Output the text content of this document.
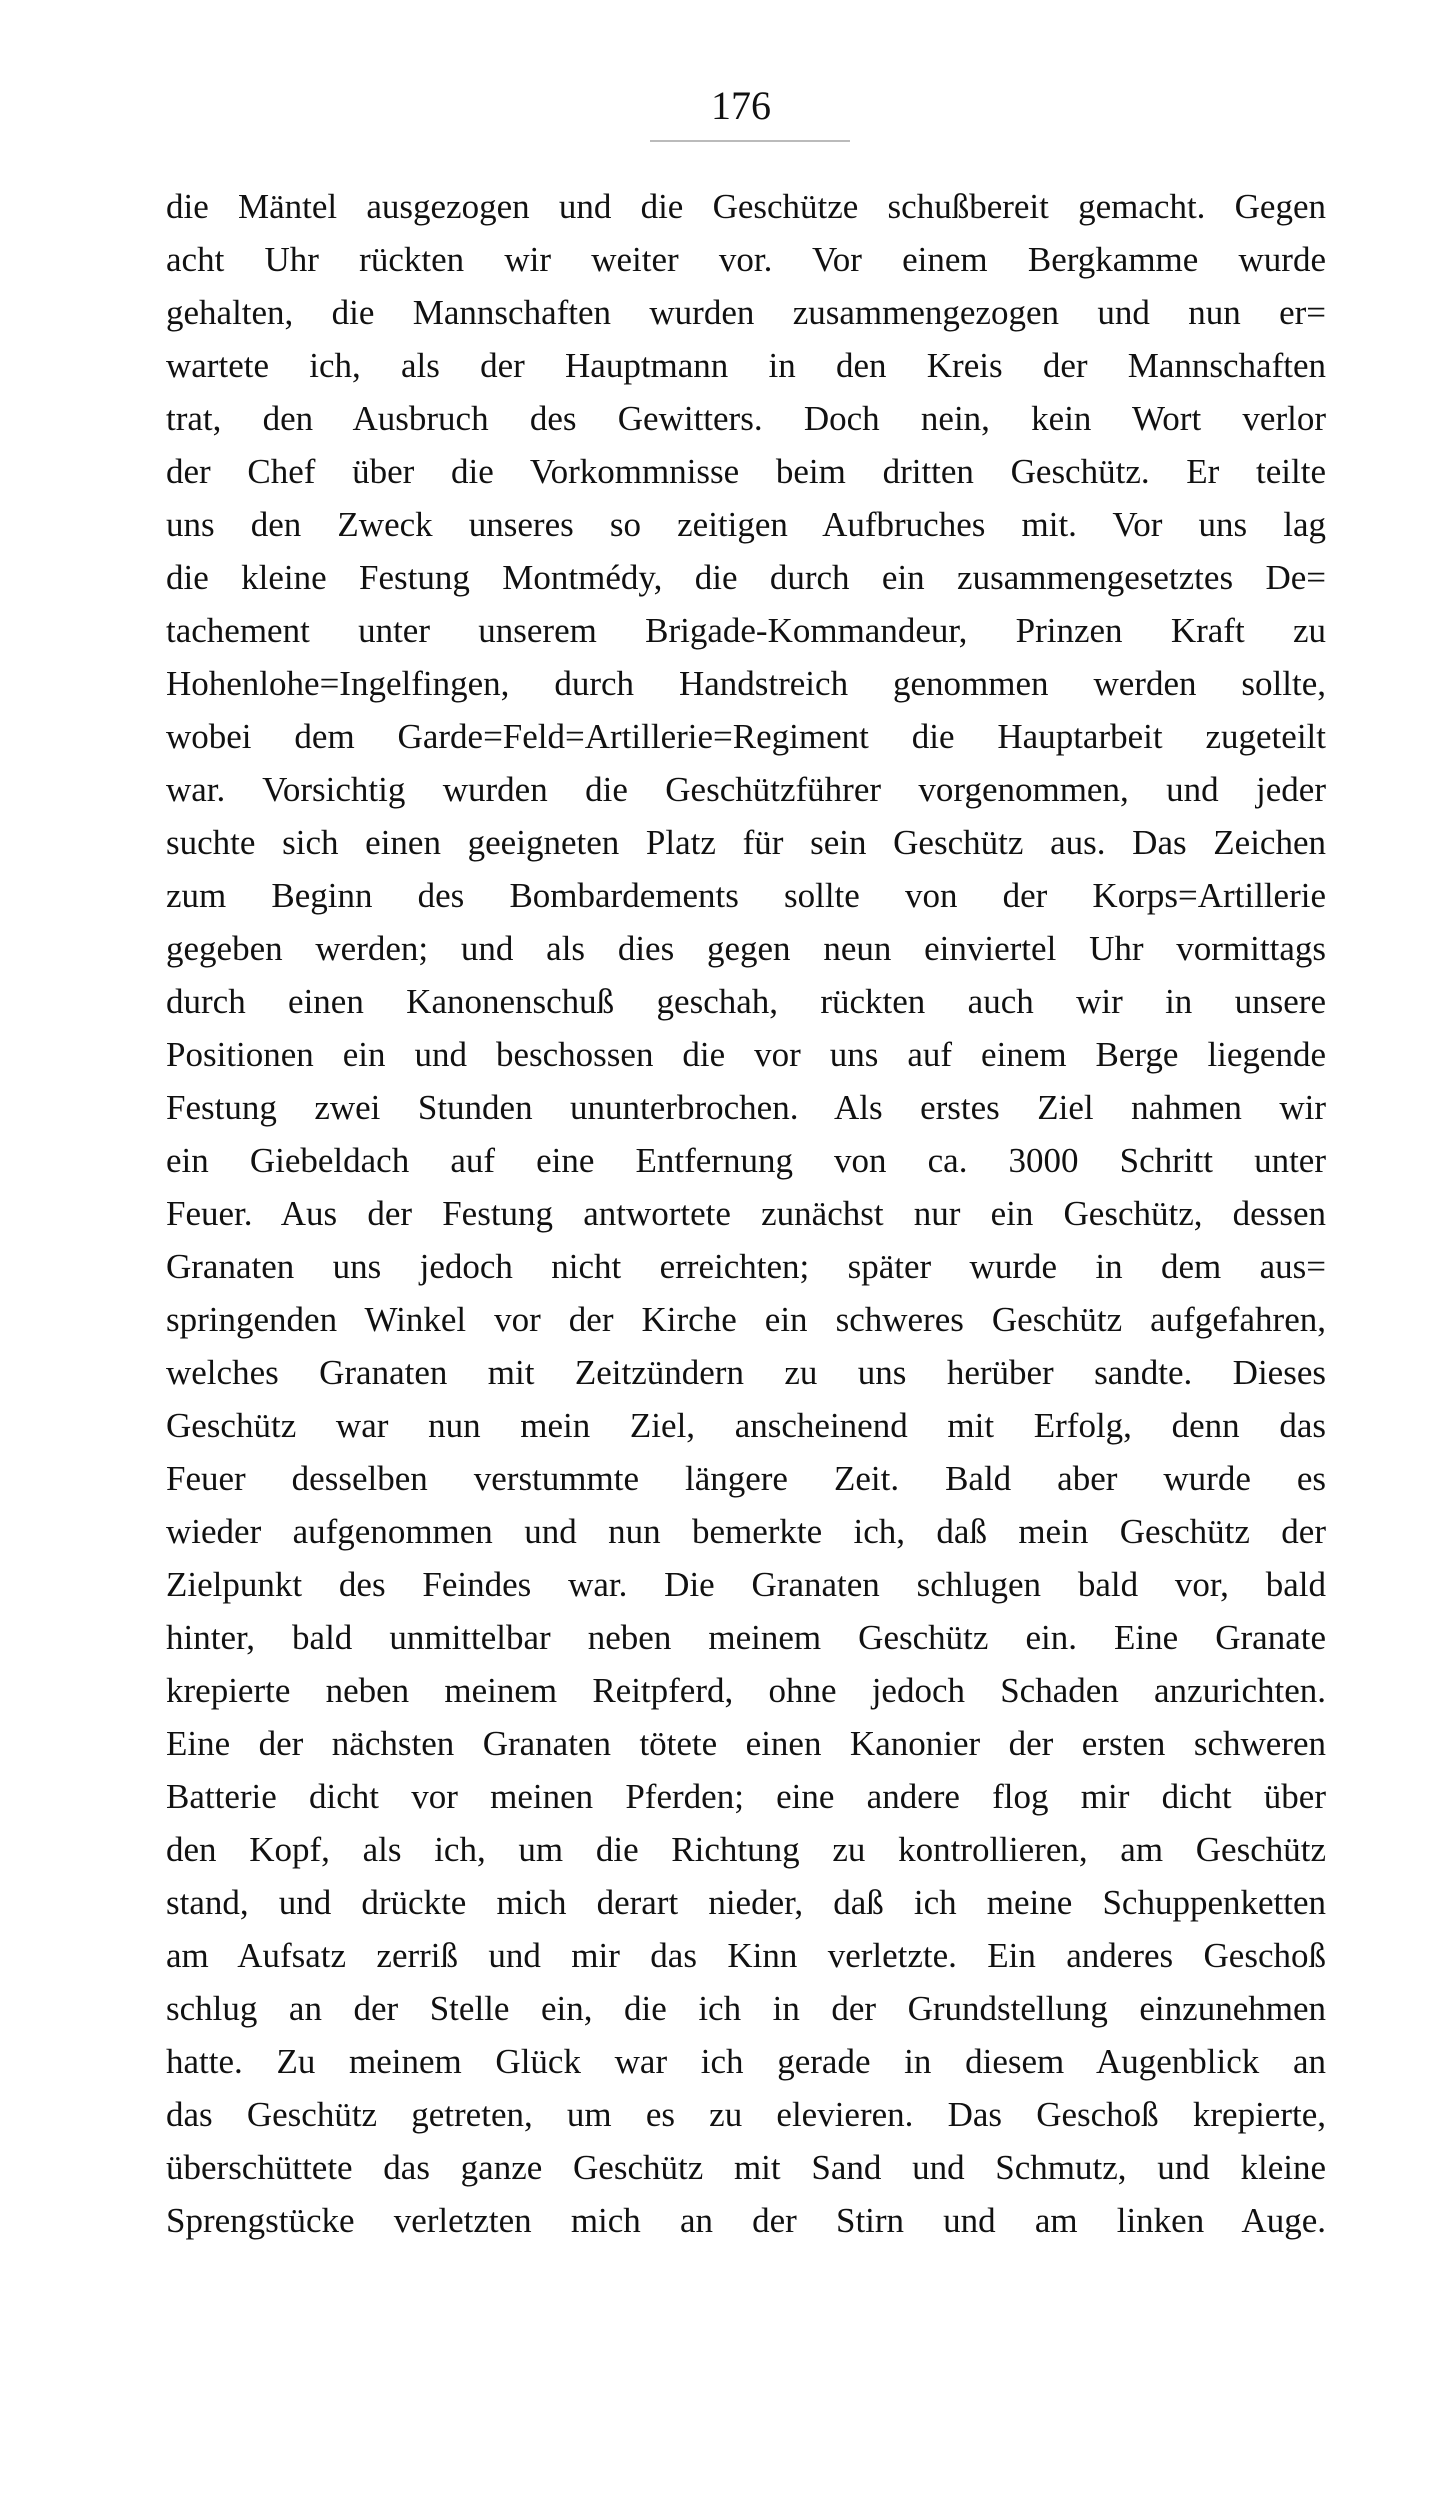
176
die Mäntel ausgezogen und die Geschütze schußbereit gemacht. Gegen
acht Uhr rückten wir weiter vor. Vor einem Bergkamme wurde
gehalten, die Mannschaften wurden zusammengezogen und nun er=
wartete ich, als der Hauptmann in den Kreis der Mannschaften
trat, den Ausbruch des Gewitters. Doch nein, kein Wort verlor
der Chef über die Vorkommnisse beim dritten Geschütz. Er teilte
uns den Zweck unseres so zeitigen Aufbruches mit. Vor uns lag
die kleine Festung Montmédy, die durch ein zusammengesetztes De=
tachement unter unserem Brigade-Kommandeur, Prinzen Kraft zu
Hohenlohe=Ingelfingen, durch Handstreich genommen werden sollte,
wobei dem Garde=Feld=Artillerie=Regiment die Hauptarbeit zugeteilt
war. Vorsichtig wurden die Geschützführer vorgenommen, und jeder
suchte sich einen geeigneten Platz für sein Geschütz aus. Das Zeichen
zum Beginn des Bombardements sollte von der Korps=Artillerie
gegeben werden; und als dies gegen neun einviertel Uhr vormittags
durch einen Kanonenschuß geschah, rückten auch wir in unsere
Positionen ein und beschossen die vor uns auf einem Berge liegende
Festung zwei Stunden ununterbrochen. Als erstes Ziel nahmen wir
ein Giebeldach auf eine Entfernung von ca. 3000 Schritt unter
Feuer. Aus der Festung antwortete zunächst nur ein Geschütz, dessen
Granaten uns jedoch nicht erreichten; später wurde in dem aus=
springenden Winkel vor der Kirche ein schweres Geschütz aufgefahren,
welches Granaten mit Zeitzündern zu uns herüber sandte. Dieses
Geschütz war nun mein Ziel, anscheinend mit Erfolg, denn das
Feuer desselben verstummte längere Zeit. Bald aber wurde es
wieder aufgenommen und nun bemerkte ich, daß mein Geschütz der
Zielpunkt des Feindes war. Die Granaten schlugen bald vor, bald
hinter, bald unmittelbar neben meinem Geschütz ein. Eine Granate
krepierte neben meinem Reitpferd, ohne jedoch Schaden anzurichten.
Eine der nächsten Granaten tötete einen Kanonier der ersten schweren
Batterie dicht vor meinen Pferden; eine andere flog mir dicht über
den Kopf, als ich, um die Richtung zu kontrollieren, am Geschütz
stand, und drückte mich derart nieder, daß ich meine Schuppenketten
am Aufsatz zerriß und mir das Kinn verletzte. Ein anderes Geschoß
schlug an der Stelle ein, die ich in der Grundstellung einzunehmen
hatte. Zu meinem Glück war ich gerade in diesem Augenblick an
das Geschütz getreten, um es zu elevieren. Das Geschoß krepierte,
überschüttete das ganze Geschütz mit Sand und Schmutz, und kleine
Sprengstücke verletzten mich an der Stirn und am linken Auge.
